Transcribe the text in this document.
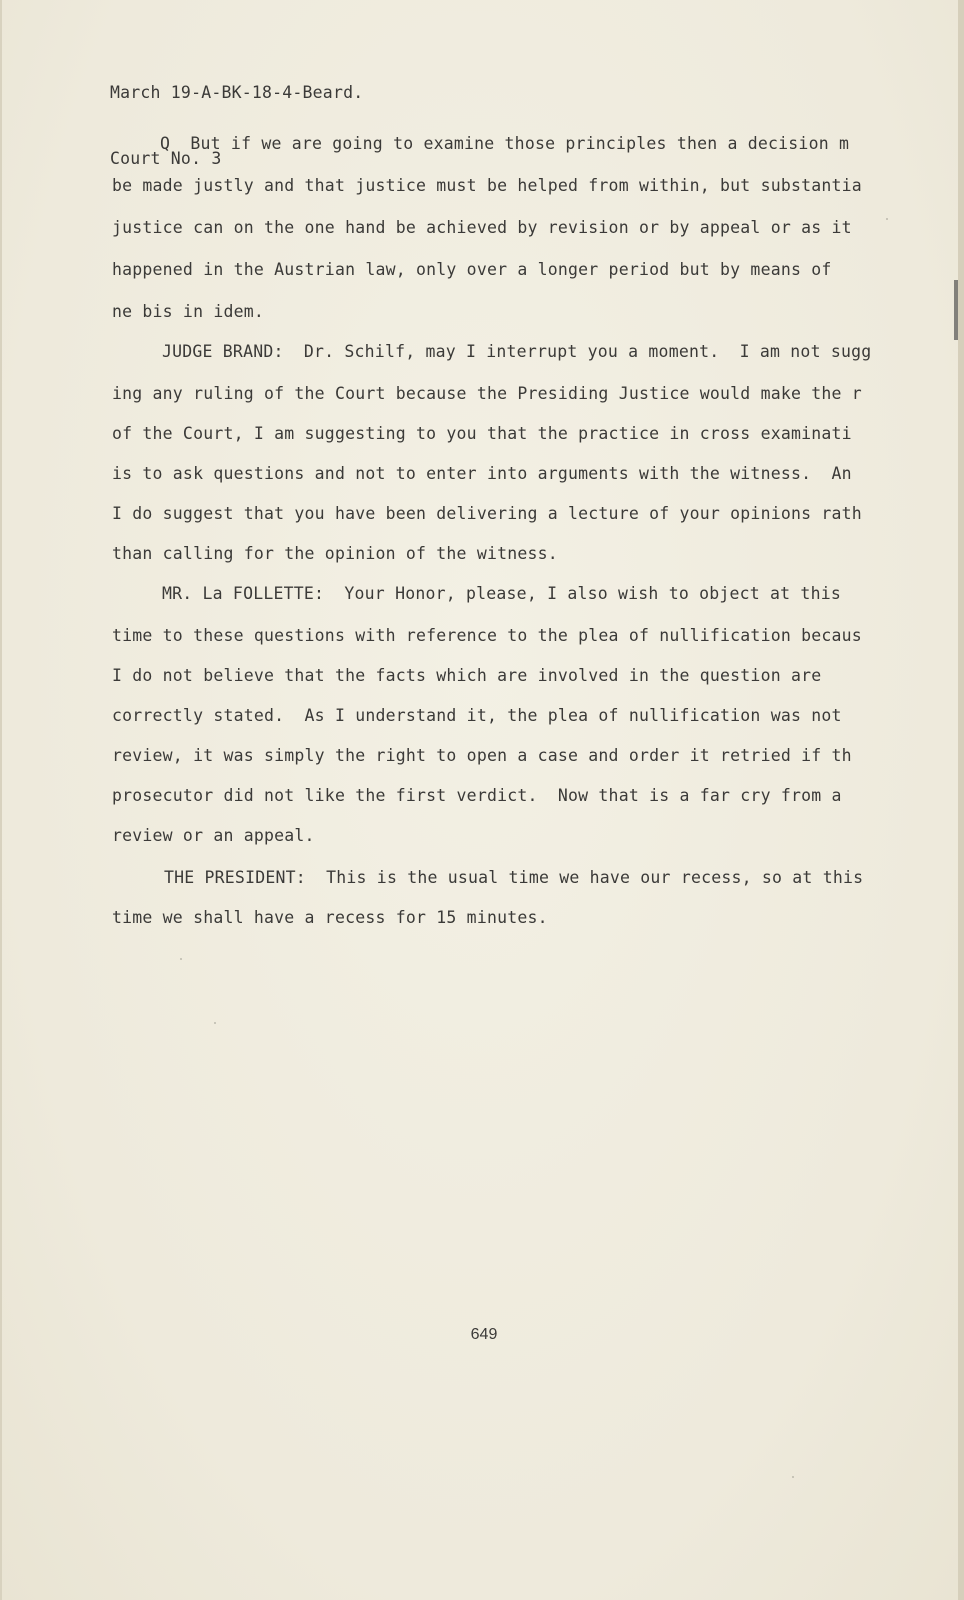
March 19-A-BK-18-4-Beard.

Court No. 3

Q  But if we are going to examine those principles then a decision m
be made justly and that justice must be helped from within, but substantia
justice can on the one hand be achieved by revision or by appeal or as it
happened in the Austrian law, only over a longer period but by means of
ne bis in idem.
JUDGE BRAND:  Dr. Schilf, may I interrupt you a moment.  I am not sugg
ing any ruling of the Court because the Presiding Justice would make the r
of the Court, I am suggesting to you that the practice in cross examinati
is to ask questions and not to enter into arguments with the witness.  An
I do suggest that you have been delivering a lecture of your opinions rath
than calling for the opinion of the witness.
MR. La FOLLETTE:  Your Honor, please, I also wish to object at this
time to these questions with reference to the plea of nullification becaus
I do not believe that the facts which are involved in the question are
correctly stated.  As I understand it, the plea of nullification was not
review, it was simply the right to open a case and order it retried if th
prosecutor did not like the first verdict.  Now that is a far cry from a
review or an appeal.
THE PRESIDENT:  This is the usual time we have our recess, so at this
time we shall have a recess for 15 minutes.
649
